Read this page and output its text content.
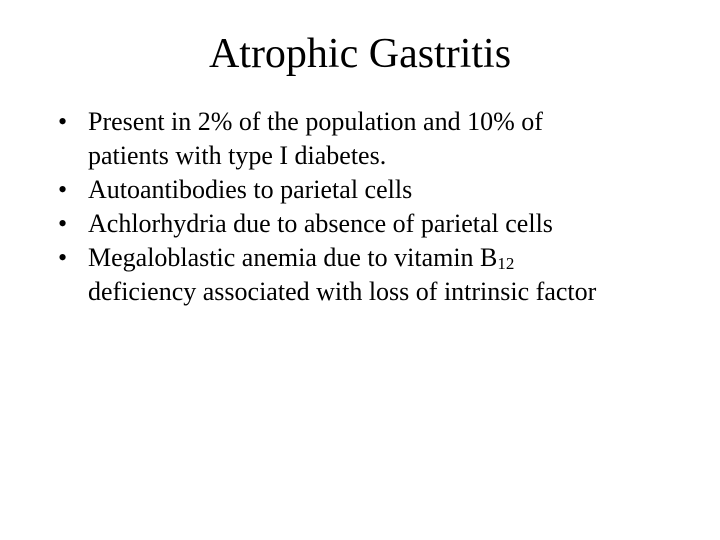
Atrophic Gastritis
• Present in 2% of the population and 10% of
patients with type I diabetes.
• Autoantibodies to parietal cells
• Achlorhydria due to absence of parietal cells
• Megaloblastic anemia due to vitamin $B_{12}$
deficiency associated with loss of intrinsic factor
